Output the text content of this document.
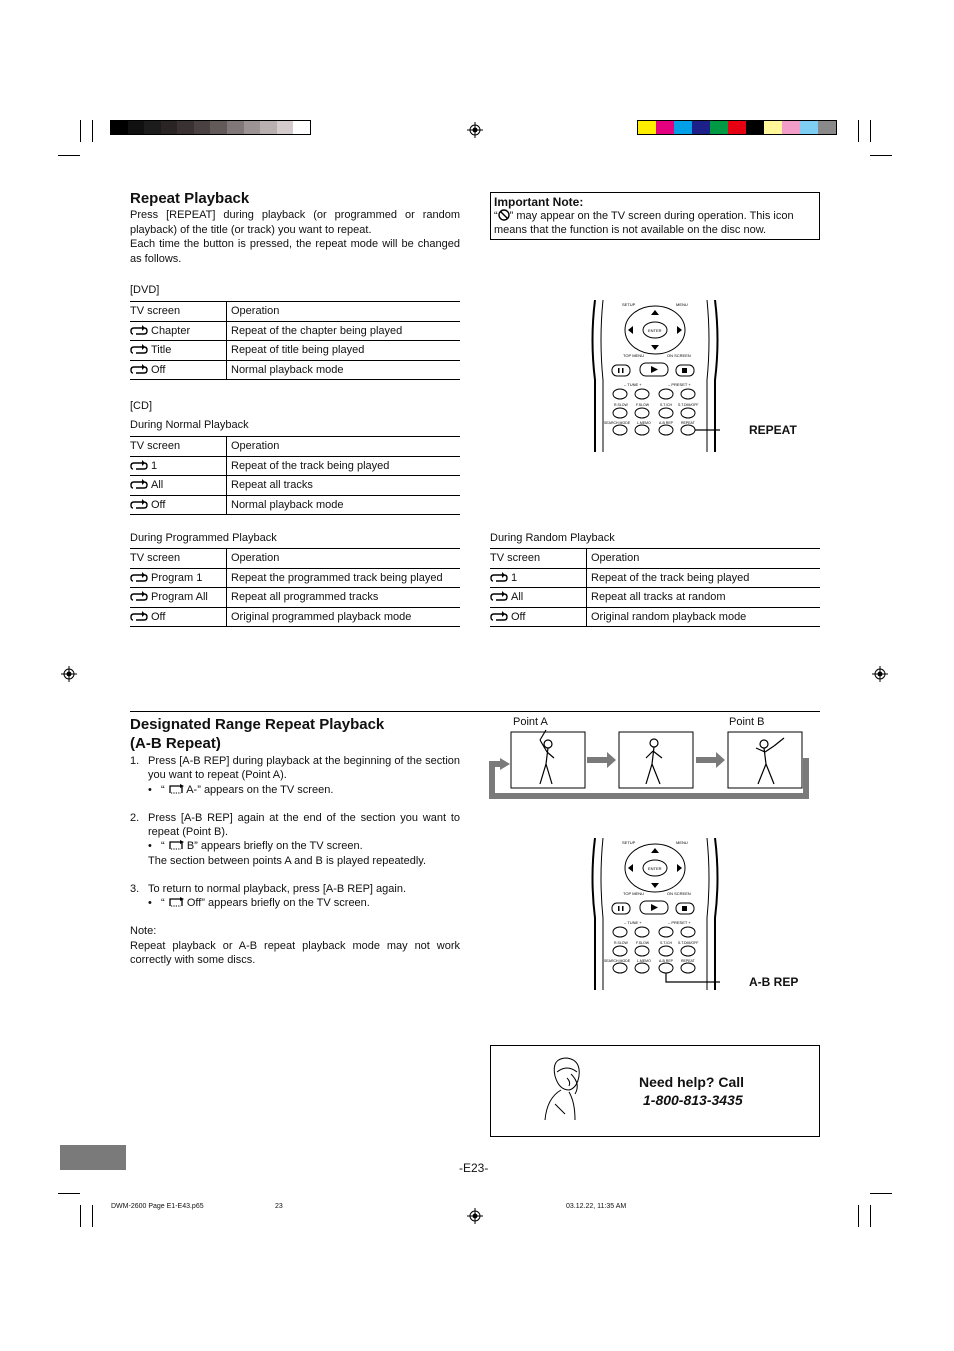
Repeat Playback

Press [REPEAT] during playback (or programmed or random playback) of the title (or track) you want to repeat.
Each time the button is pressed, the repeat mode will be changed as follows.

[DVD]
TV screen	Operation
Chapter	Repeat of the chapter being played
Title	Repeat of title being played
Off	Normal playback mode
[CD]
During Normal Playback
TV screen	Operation
1	Repeat of the track being played
All	Repeat all tracks
Off	Normal playback mode
During Programmed Playback
TV screen	Operation
Program 1	Repeat the programmed track being played
Program All	Repeat all programmed tracks
Off	Original programmed playback mode
During Random Playback
TV screen	Operation
1	Repeat of the track being played
All	Repeat all tracks at random
Off	Original random playback mode
Important Note:
“ ” may appear on the TV screen during operation. This icon means that the function is not available on the disc now.
SETUP	MENU
ENTER
TOP MENU	ON SCREEN
– TUNE +	– PRESET +
R.SLOW F.SLOW	S.T./CH S.T.DIM/OFF
SEARCH MODE L.MEMO A-B REP REPEAT	REPEAT
Designated Range Repeat Playback
(A-B Repeat)
1. Press [A-B REP] during playback at the beginning of the section you want to repeat (Point A).
• “ A-” appears on the TV screen.
2. Press [A-B REP] again at the end of the section you want to repeat (Point B).
• “ B” appears briefly on the TV screen.
The section between points A and B is played repeatedly.
3. To return to normal playback, press [A-B REP] again.
• “ Off” appears briefly on the TV screen.
Note:
Repeat playback or A-B repeat playback mode may not work correctly with some discs.
Point A	Point B
SETUP	MENU
ENTER
TOP MENU	ON SCREEN
– TUNE +	– PRESET +
R.SLOW F.SLOW	S.T./CH S.T.DIM/OFF
SEARCH MODE L.MEMO A-B REP REPEAT
A-B REP
Need help? Call
1-800-813-3435
-E23-
DWM-2600 Page E1-E43.p65	23	03.12.22, 11:35 AM
